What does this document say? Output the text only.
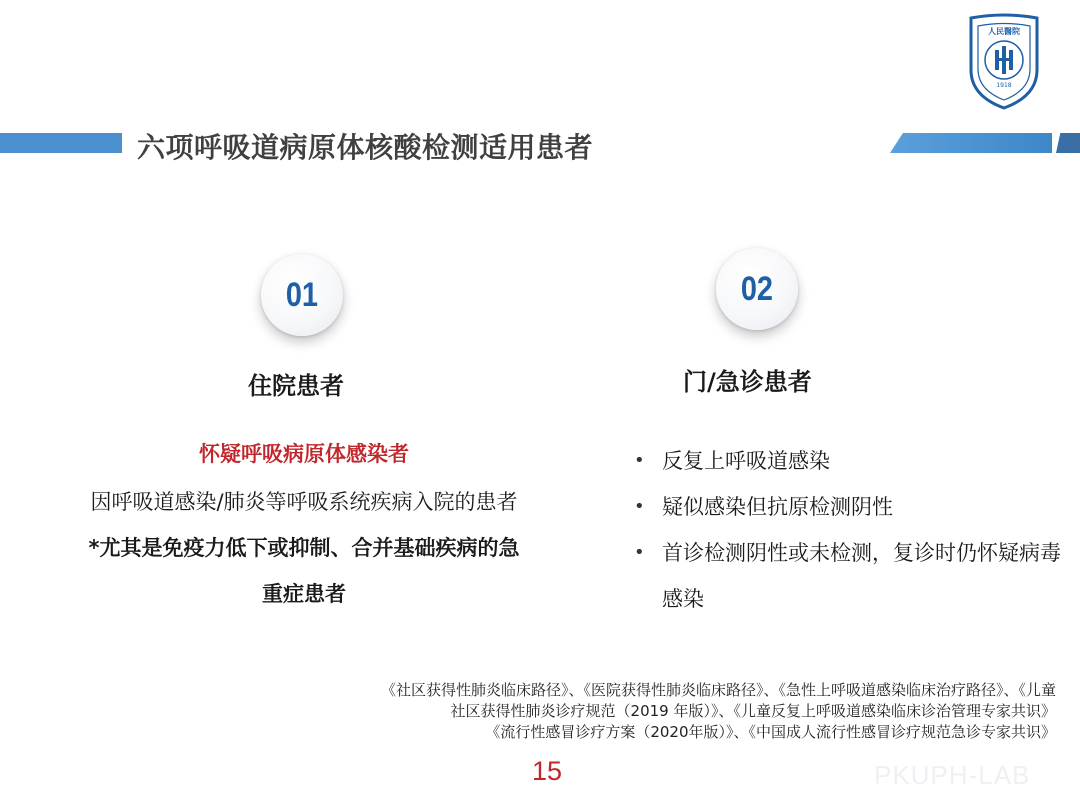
人民醫院
1918
六项呼吸道病原体核酸检测适用患者
01
住院患者
怀疑呼吸病原体感染者
因呼吸道感染/肺炎等呼吸系统疾病入院的患者
*尤其是免疫力低下或抑制、合并基础疾病的急
重症患者
02
门/急诊患者
• 反复上呼吸道感染
• 疑似感染但抗原检测阴性
• 首诊检测阴性或未检测，复诊时仍怀疑病毒感染
《社区获得性肺炎临床路径》、《医院获得性肺炎临床路径》、《急性上呼吸道感染临床治疗路径》、《儿童
社区获得性肺炎诊疗规范（2019 年版）》、《儿童反复上呼吸道感染临床诊治管理专家共识》
《流行性感冒诊疗方案（2020年版）》、《中国成人流行性感冒诊疗规范急诊专家共识》
15	PKUPH-LAB
